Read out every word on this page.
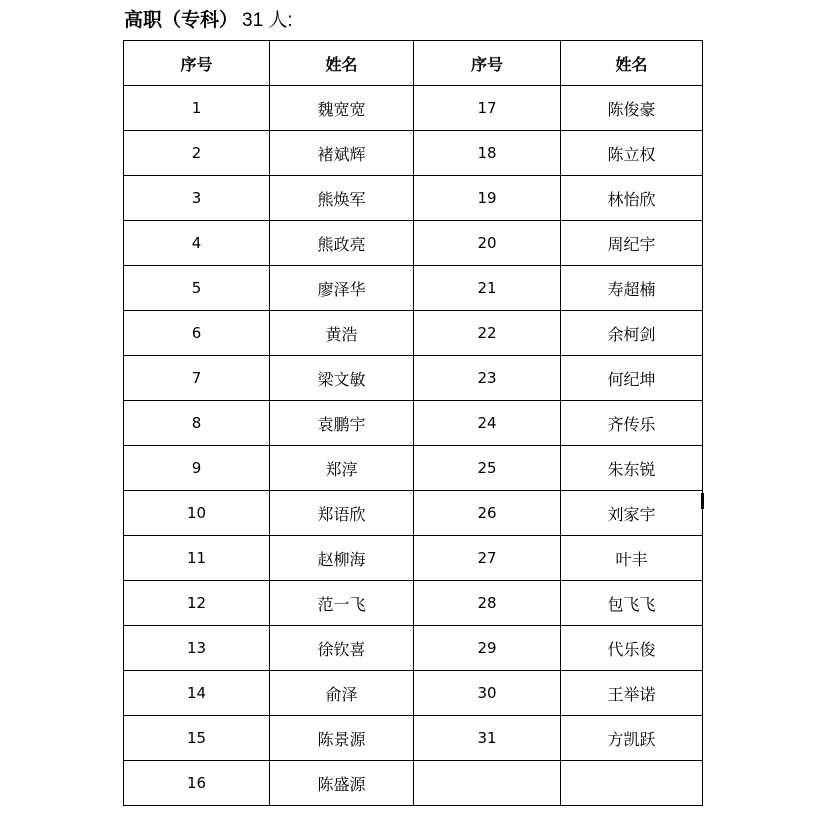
高职（专科） 31 人:
序号	姓名	序号	姓名
1	魏宽宽	17	陈俊豪
2	褚斌辉	18	陈立权
3	熊焕军	19	林怡欣
4	熊政亮	20	周纪宇
5	廖泽华	21	寿超楠
6	黄浩	22	余柯剑
7	梁文敏	23	何纪坤
8	袁鹏宇	24	齐传乐
9	郑淳	25	朱东锐
10	郑语欣	26	刘家宇
11	赵柳海	27	叶丰
12	范一飞	28	包飞飞
13	徐钦喜	29	代乐俊
14	俞泽	30	王举诺
15	陈景源	31	方凯跃
16	陈盛源		
